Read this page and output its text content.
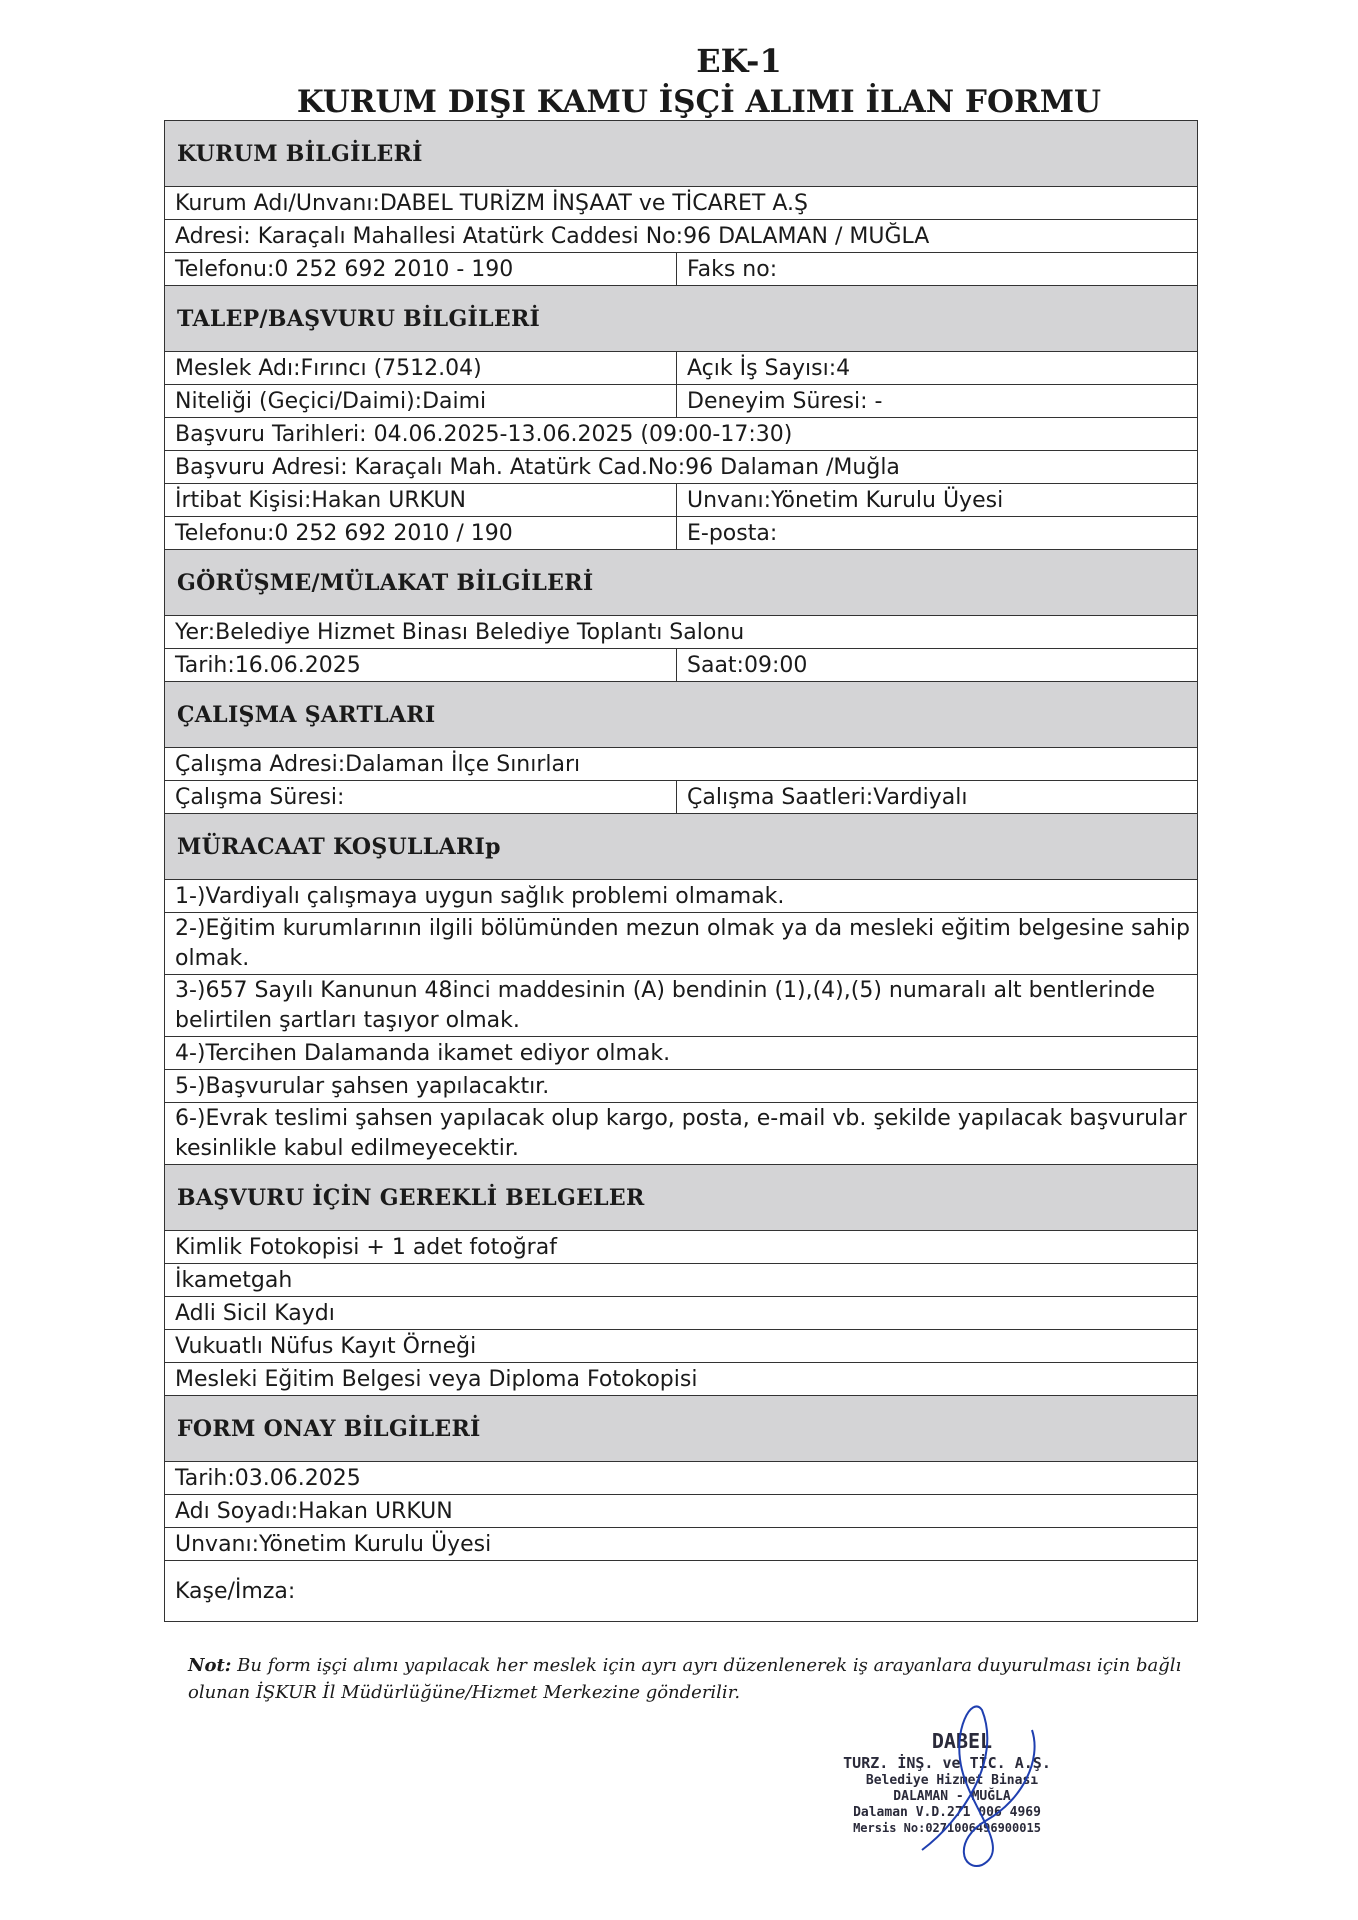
EK-1
KURUM DIŞI KAMU İŞÇİ ALIMI İLAN FORMU
KURUM BİLGİLERİ
Kurum Adı/Unvanı:DABEL TURİZM İNŞAAT ve TİCARET A.Ş
Adresi: Karaçalı Mahallesi Atatürk Caddesi No:96 DALAMAN / MUĞLA
Telefonu:0 252 692 2010 - 190	Faks no:
TALEP/BAŞVURU BİLGİLERİ
Meslek Adı:Fırıncı (7512.04)	Açık İş Sayısı:4
Niteliği (Geçici/Daimi):Daimi	Deneyim Süresi: -
Başvuru Tarihleri: 04.06.2025-13.06.2025 (09:00-17:30)
Başvuru Adresi: Karaçalı Mah. Atatürk Cad.No:96 Dalaman /Muğla
İrtibat Kişisi:Hakan URKUN	Unvanı:Yönetim Kurulu Üyesi
Telefonu:0 252 692 2010 / 190	E-posta:
GÖRÜŞME/MÜLAKAT BİLGİLERİ
Yer:Belediye Hizmet Binası Belediye Toplantı Salonu
Tarih:16.06.2025	Saat:09:00
ÇALIŞMA ŞARTLARI
Çalışma Adresi:Dalaman İlçe Sınırları
Çalışma Süresi:	Çalışma Saatleri:Vardiyalı
MÜRACAAT KOŞULLARIp
1-)Vardiyalı çalışmaya uygun sağlık problemi olmamak.
2-)Eğitim kurumlarının ilgili bölümünden mezun olmak ya da mesleki eğitim belgesine sahip olmak.
3-)657 Sayılı Kanunun 48inci maddesinin (A) bendinin (1),(4),(5) numaralı alt bentlerinde belirtilen şartları taşıyor olmak.
4-)Tercihen Dalamanda ikamet ediyor olmak.
5-)Başvurular şahsen yapılacaktır.
6-)Evrak teslimi şahsen yapılacak olup kargo, posta, e-mail vb. şekilde yapılacak başvurular kesinlikle kabul edilmeyecektir.
BAŞVURU İÇİN GEREKLİ BELGELER
Kimlik Fotokopisi + 1 adet fotoğraf
İkametgah
Adli Sicil Kaydı
Vukuatlı Nüfus Kayıt Örneği
Mesleki Eğitim Belgesi veya Diploma Fotokopisi
FORM ONAY BİLGİLERİ
Tarih:03.06.2025
Adı Soyadı:Hakan URKUN
Unvanı:Yönetim Kurulu Üyesi
Kaşe/İmza:
Not: Bu form işçi alımı yapılacak her meslek için ayrı ayrı düzenlenerek iş arayanlara duyurulması için bağlı olunan İŞKUR İl Müdürlüğüne/Hizmet Merkezine gönderilir.
DABEL
TURZ. İNŞ. ve TİC. A.Ş.
Belediye Hizmet Binası
DALAMAN - MUĞLA
Dalaman V.D.271 006 4969
Mersis No:0271006496900015
